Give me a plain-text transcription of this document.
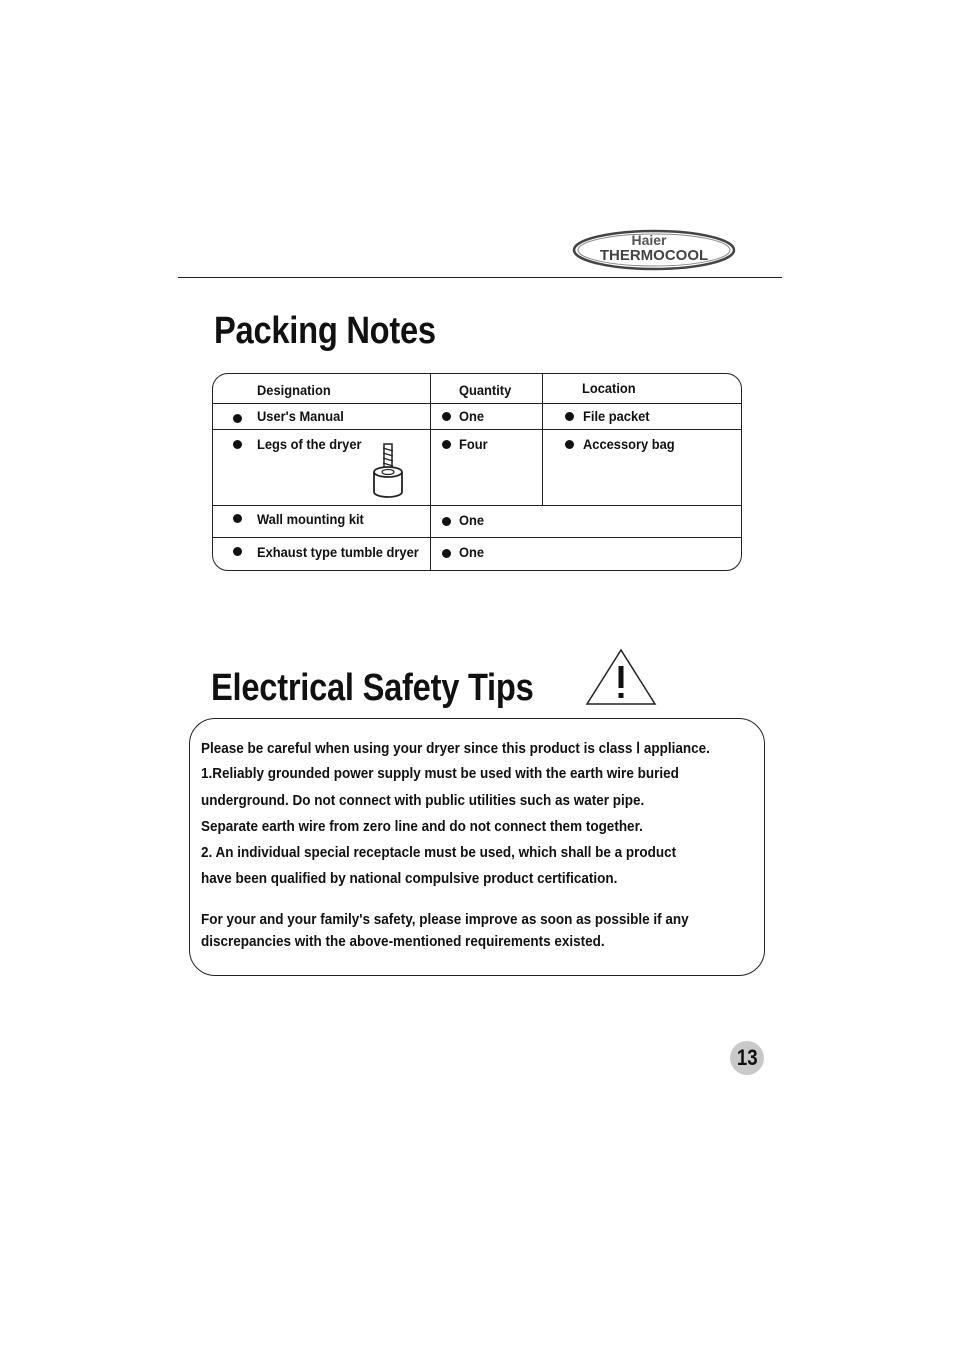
Haier
THERMOCOOL
Packing Notes
Designation	Quantity	Location
User's Manual	One	File packet
Legs of the dryer	Four	Accessory bag
Wall mounting kit	One
Exhaust type tumble dryer	One
Electrical Safety Tips
Please be careful when using your dryer since this product is class Ⅰ appliance.
1.Reliably grounded power supply must be used with the earth wire buried
underground. Do not connect with public utilities such as water pipe.
Separate earth wire from zero line and do not connect them together.
2. An individual special receptacle must be used, which shall be a product
have been qualified by national compulsive product certification.
For your and your family's safety, please improve as soon as possible if any
discrepancies with the above-mentioned requirements existed.
13
